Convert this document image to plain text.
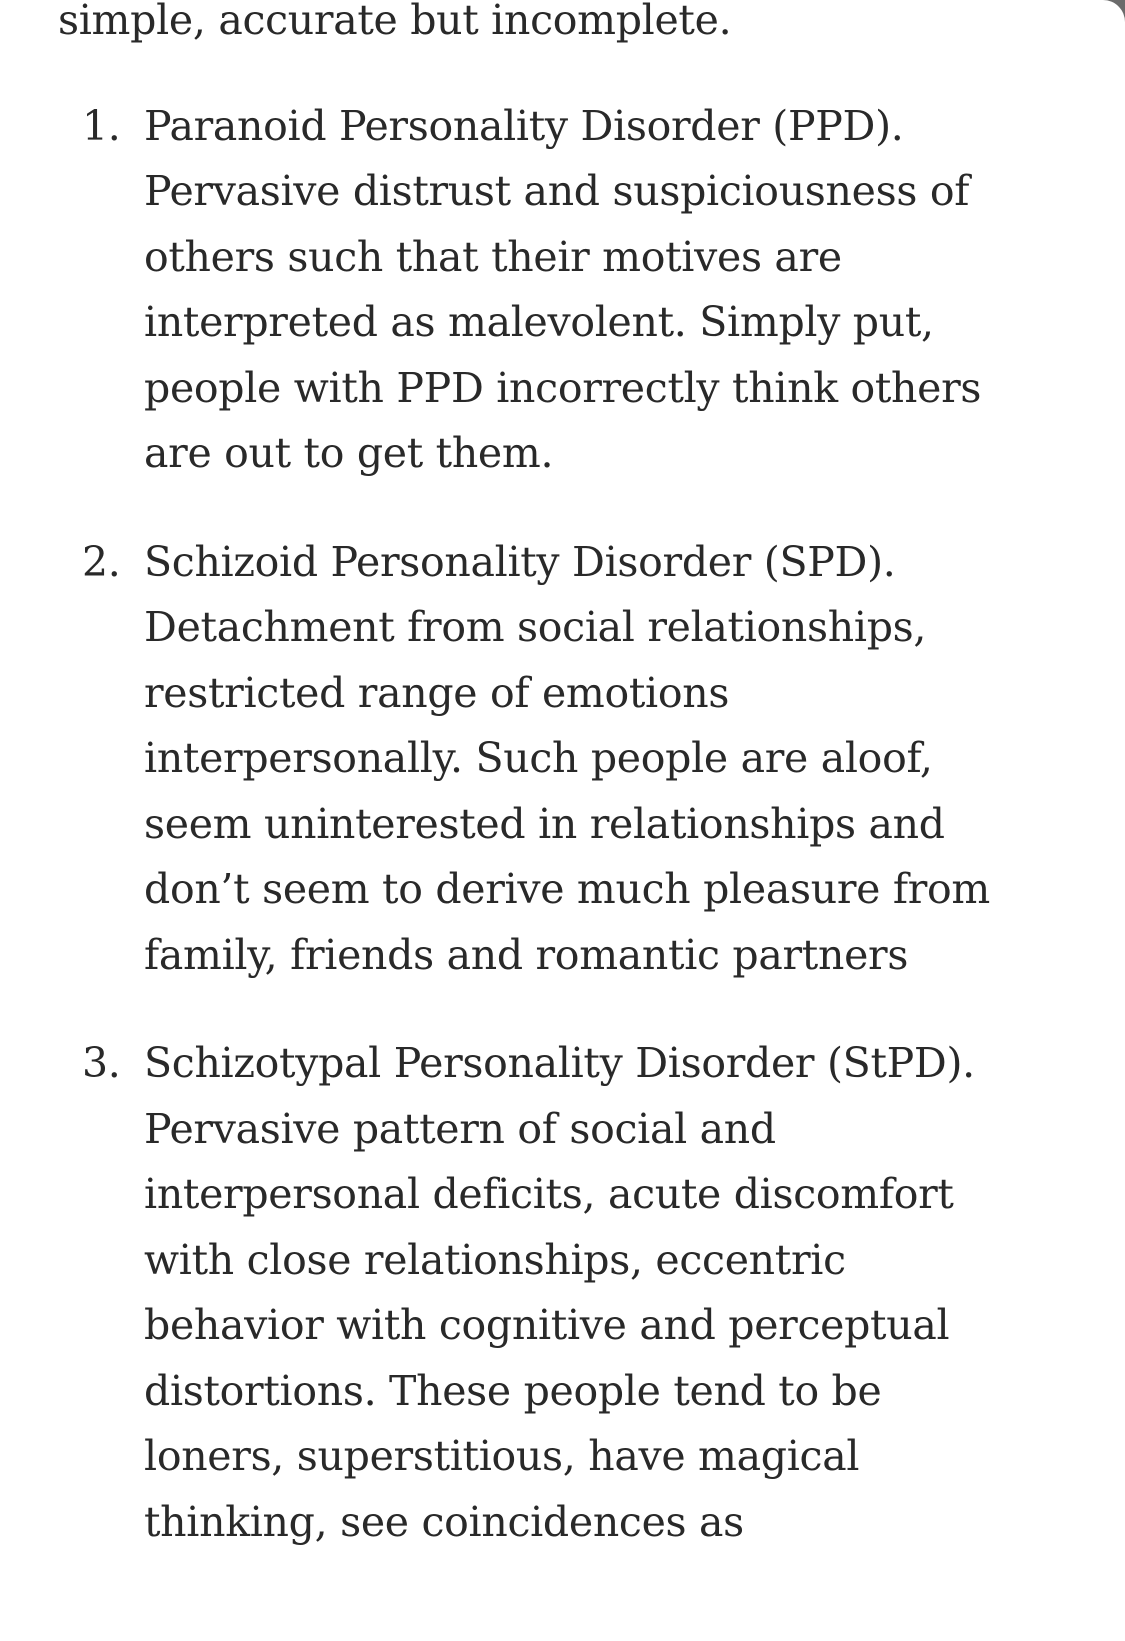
simple, accurate but incomplete.

1. Paranoid Personality Disorder (PPD). Pervasive distrust and suspiciousness of others such that their motives are interpreted as malevolent. Simply put, people with PPD incorrectly think others are out to get them.
2. Schizoid Personality Disorder (SPD). Detachment from social relationships, restricted range of emotions interpersonally. Such people are aloof, seem uninterested in relationships and don’t seem to derive much pleasure from family, friends and romantic partners
3. Schizotypal Personality Disorder (StPD). Pervasive pattern of social and interpersonal deficits, acute discomfort with close relationships, eccentric behavior with cognitive and perceptual distortions. These people tend to be loners, superstitious, have magical thinking, see coincidences as
